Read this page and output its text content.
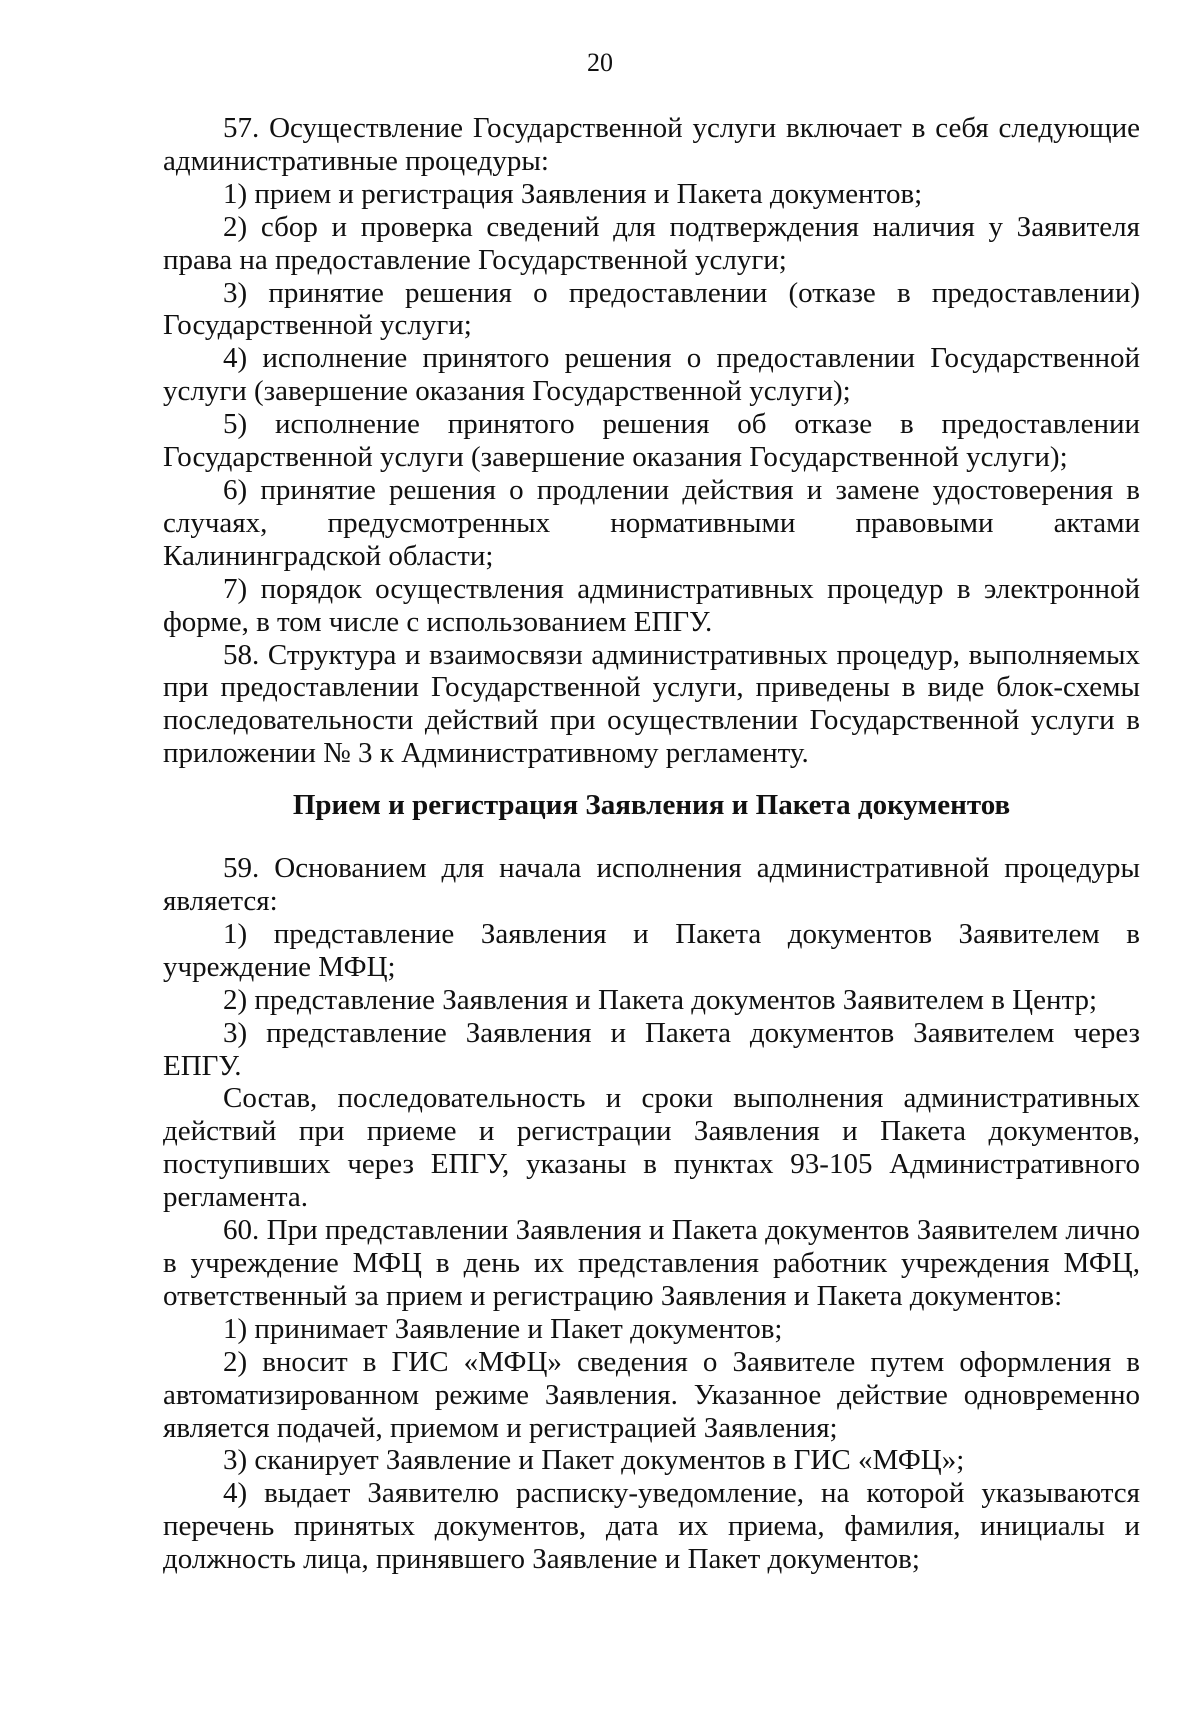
20

57. Осуществление Государственной услуги включает в себя следующие административные процедуры:

1) прием и регистрация Заявления и Пакета документов;

2) сбор и проверка сведений для подтверждения наличия у Заявителя права на предоставление Государственной услуги;

3) принятие решения о предоставлении (отказе в предоставлении) Государственной услуги;

4) исполнение принятого решения о предоставлении Государственной услуги (завершение оказания Государственной услуги);

5) исполнение принятого решения об отказе в предоставлении Государственной услуги (завершение оказания Государственной услуги);

6) принятие решения о продлении действия и замене удостоверения в случаях, предусмотренных нормативными правовыми актами Калининградской области;

7) порядок осуществления административных процедур в электронной форме, в том числе с использованием ЕПГУ.

58. Структура и взаимосвязи административных процедур, выполняемых при предоставлении Государственной услуги, приведены в виде блок-схемы последовательности действий при осуществлении Государственной услуги в приложении № 3 к Административному регламенту.

Прием и регистрация Заявления и Пакета документов

59. Основанием для начала исполнения административной процедуры является:

1) представление Заявления и Пакета документов Заявителем в учреждение МФЦ;

2) представление Заявления и Пакета документов Заявителем в Центр;

3) представление Заявления и Пакета документов Заявителем через ЕПГУ.

Состав, последовательность и сроки выполнения административных действий при приеме и регистрации Заявления и Пакета документов, поступивших через ЕПГУ, указаны в пунктах 93-105 Административного регламента.

60. При представлении Заявления и Пакета документов Заявителем лично в учреждение МФЦ в день их представления работник учреждения МФЦ, ответственный за прием и регистрацию Заявления и Пакета документов:

1) принимает Заявление и Пакет документов;

2) вносит в ГИС «МФЦ» сведения о Заявителе путем оформления в автоматизированном режиме Заявления. Указанное действие одновременно является подачей, приемом и регистрацией Заявления;

3) сканирует Заявление и Пакет документов в ГИС «МФЦ»;

4) выдает Заявителю расписку-уведомление, на которой указываются перечень принятых документов, дата их приема, фамилия, инициалы и должность лица, принявшего Заявление и Пакет документов;
